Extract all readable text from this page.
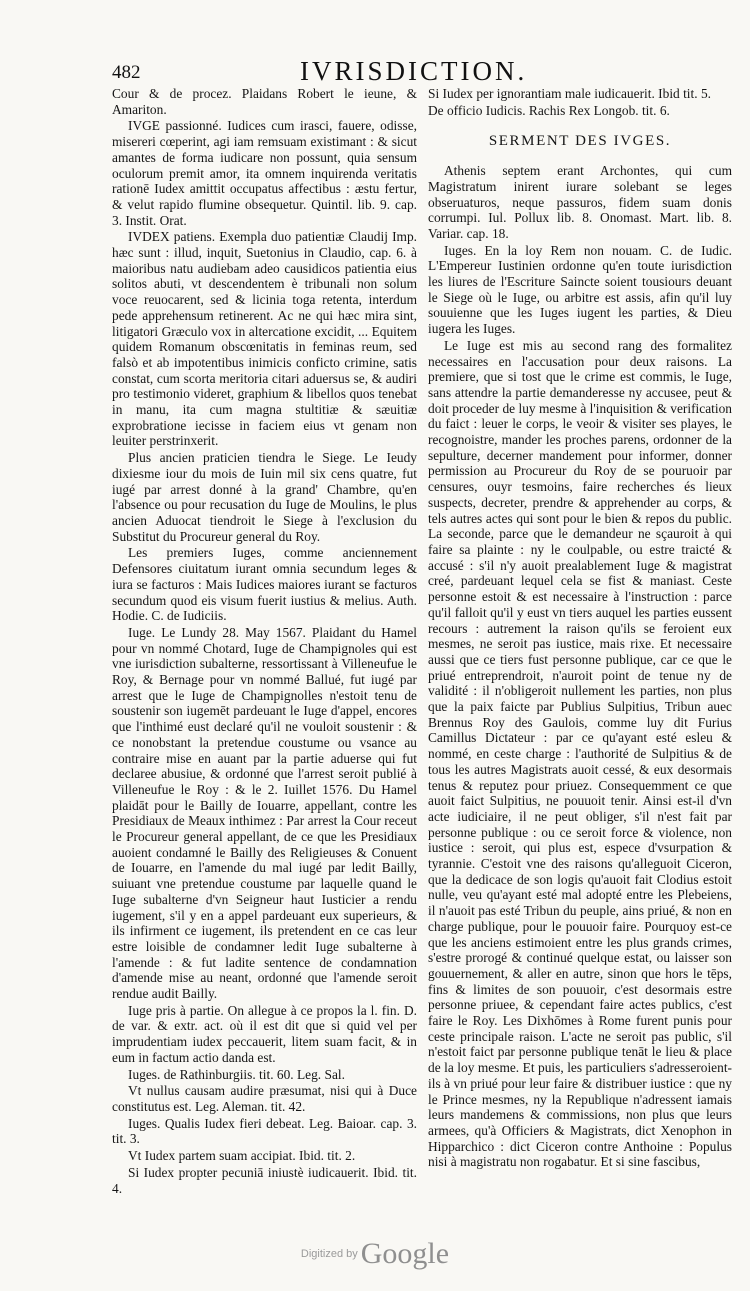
482	IVRISDICTION.

Cour & de procez. Plaidans Robert le ieune, & Amariton.

IVGE passionné. Iudices cum irasci, fauere, odisse, misereri cœperint, agi iam remsuam existimant : & sicut amantes de forma iudicare non possunt, quia sensum oculorum premit amor, ita omnem inquirenda veritatis rationē Iudex amittit occupatus affectibus : æstu fertur, & velut rapido flumine obsequetur. Quintil. lib. 9. cap. 3. Instit. Orat.

IVDEX patiens. Exempla duo patientiæ Claudij Imp. hæc sunt : illud, inquit, Suetonius in Claudio, cap. 6. à maioribus natu audiebam adeo causidicos patientia eius solitos abuti, vt descendentem è tribunali non solum voce reuocarent, sed & licinia toga retenta, interdum pede apprehensum retinerent. Ac ne qui hæc mira sint, litigatori Græculo vox in altercatione excidit, ... Equitem quidem Romanum obscœnitatis in feminas reum, sed falsò et ab impotentibus inimicis conficto crimine, satis constat, cum scorta meritoria citari aduersus se, & audiri pro testimonio videret, graphium & libellos quos tenebat in manu, ita cum magna stultitiæ & sæuitiæ exprobratione iecisse in faciem eius vt genam non leuiter perstrinxerit.

Plus ancien praticien tiendra le Siege. Le Ieudy dixiesme iour du mois de Iuin mil six cens quatre, fut iugé par arrest donné à la grand' Chambre, qu'en l'absence ou pour recusation du Iuge de Moulins, le plus ancien Aduocat tiendroit le Siege à l'exclusion du Substitut du Procureur general du Roy.

Les premiers Iuges, comme anciennement Defensores ciuitatum iurant omnia secundum leges & iura se facturos : Mais Iudices maiores iurant se facturos secundum quod eis visum fuerit iustius & melius. Auth. Hodie. C. de Iudiciis.

Iuge. Le Lundy 28. May 1567. Plaidant du Hamel pour vn nommé Chotard, Iuge de Champignoles qui est vne iurisdiction subalterne, ressortissant à Villeneufue le Roy, & Bernage pour vn nommé Ballué, fut iugé par arrest que le Iuge de Champignolles n'estoit tenu de soustenir son iugemēt pardeuant le Iuge d'appel, encores que l'inthimé eust declaré qu'il ne vouloit soustenir : & ce nonobstant la pretendue coustume ou vsance au contraire mise en auant par la partie aduerse qui fut declaree abusiue, & ordonné que l'arrest seroit publié à Villeneufue le Roy : & le 2. Iuillet 1576. Du Hamel plaidāt pour le Bailly de Iouarre, appellant, contre les Presidiaux de Meaux inthimez : Par arrest la Cour receut le Procureur general appellant, de ce que les Presidiaux auoient condamné le Bailly des Religieuses & Conuent de Iouarre, en l'amende du mal iugé par ledit Bailly, suiuant vne pretendue coustume par laquelle quand le Iuge subalterne d'vn Seigneur haut Iusticier a rendu iugement, s'il y en a appel pardeuant eux superieurs, & ils infirment ce iugement, ils pretendent en ce cas leur estre loisible de condamner ledit Iuge subalterne à l'amende : & fut ladite sentence de condamnation d'amende mise au neant, ordonné que l'amende seroit rendue audit Bailly.

Iuge pris à partie. On allegue à ce propos la l. fin. D. de var. & extr. act. où il est dit que si quid vel per imprudentiam iudex peccauerit, litem suam facit, & in eum in factum actio danda est.

Iuges. de Rathinburgiis. tit. 60. Leg. Sal.

Vt nullus causam audire præsumat, nisi qui à Duce constitutus est. Leg. Aleman. tit. 42.

Iuges. Qualis Iudex fieri debeat. Leg. Baioar. cap. 3. tit. 3.

Vt Iudex partem suam accipiat. Ibid. tit. 2.

Si Iudex propter pecuniā iniustè iudicauerit. Ibid. tit. 4.

Si Iudex per ignorantiam male iudicauerit. Ibid tit. 5.

De officio Iudicis. Rachis Rex Longob. tit. 6.

SERMENT DES IVGES.

Athenis septem erant Archontes, qui cum Magistratum inirent iurare solebant se leges obseruaturos, neque passuros, fidem suam donis corrumpi. Iul. Pollux lib. 8. Onomast. Mart. lib. 8. Variar. cap. 18.

Iuges. En la loy Rem non nouam. C. de Iudic. L'Empereur Iustinien ordonne qu'en toute iurisdiction les liures de l'Escriture Saincte soient tousiours deuant le Siege où le Iuge, ou arbitre est assis, afin qu'il luy souuienne que les Iuges iugent les parties, & Dieu iugera les Iuges.

Le Iuge est mis au second rang des formalitez necessaires en l'accusation pour deux raisons. La premiere, que si tost que le crime est commis, le Iuge, sans attendre la partie demanderesse ny accusee, peut & doit proceder de luy mesme à l'inquisition & verification du faict : leuer le corps, le veoir & visiter ses playes, le recognoistre, mander les proches parens, ordonner de la sepulture, decerner mandement pour informer, donner permission au Procureur du Roy de se pouruoir par censures, ouyr tesmoins, faire recherches és lieux suspects, decreter, prendre & apprehender au corps, & tels autres actes qui sont pour le bien & repos du public. La seconde, parce que le demandeur ne sçauroit à qui faire sa plainte : ny le coulpable, ou estre traicté & accusé : s'il n'y auoit prealablement Iuge & magistrat creé, pardeuant lequel cela se fist & maniast. Ceste personne estoit & est necessaire à l'instruction : parce qu'il falloit qu'il y eust vn tiers auquel les parties eussent recours : autrement la raison qu'ils se feroient eux mesmes, ne seroit pas iustice, mais rixe. Et necessaire aussi que ce tiers fust personne publique, car ce que le priué entreprendroit, n'auroit point de tenue ny de validité : il n'obligeroit nullement les parties, non plus que la paix faicte par Publius Sulpitius, Tribun auec Brennus Roy des Gaulois, comme luy dit Furius Camillus Dictateur : par ce qu'ayant esté esleu & nommé, en ceste charge : l'authorité de Sulpitius & de tous les autres Magistrats auoit cessé, & eux desormais tenus & reputez pour priuez. Consequemment ce que auoit faict Sulpitius, ne pouuoit tenir. Ainsi est-il d'vn acte iudiciaire, il ne peut obliger, s'il n'est fait par personne publique : ou ce seroit force & violence, non iustice : seroit, qui plus est, espece d'vsurpation & tyrannie. C'estoit vne des raisons qu'alleguoit Ciceron, que la dedicace de son logis qu'auoit fait Clodius estoit nulle, veu qu'ayant esté mal adopté entre les Plebeiens, il n'auoit pas esté Tribun du peuple, ains priué, & non en charge publique, pour le pouuoir faire. Pourquoy est-ce que les anciens estimoient entre les plus grands crimes, s'estre prorogé & continué quelque estat, ou laisser son gouuernement, & aller en autre, sinon que hors le tēps, fins & limites de son pouuoir, c'est desormais estre personne priuee, & cependant faire actes publics, c'est faire le Roy. Les Dixhōmes à Rome furent punis pour ceste principale raison. L'acte ne seroit pas public, s'il n'estoit faict par personne publique tenāt le lieu & place de la loy mesme. Et puis, les particuliers s'adresseroient-ils à vn priué pour leur faire & distribuer iustice : que ny le Prince mesmes, ny la Republique n'adressent iamais leurs mandemens & commissions, non plus que leurs armees, qu'à Officiers & Magistrats, dict Xenophon in Hipparchico : dict Ciceron contre Anthoine : Populus nisi à magistratu non rogabatur. Et si sine fascibus,

$^{Digitized by}$ Google
